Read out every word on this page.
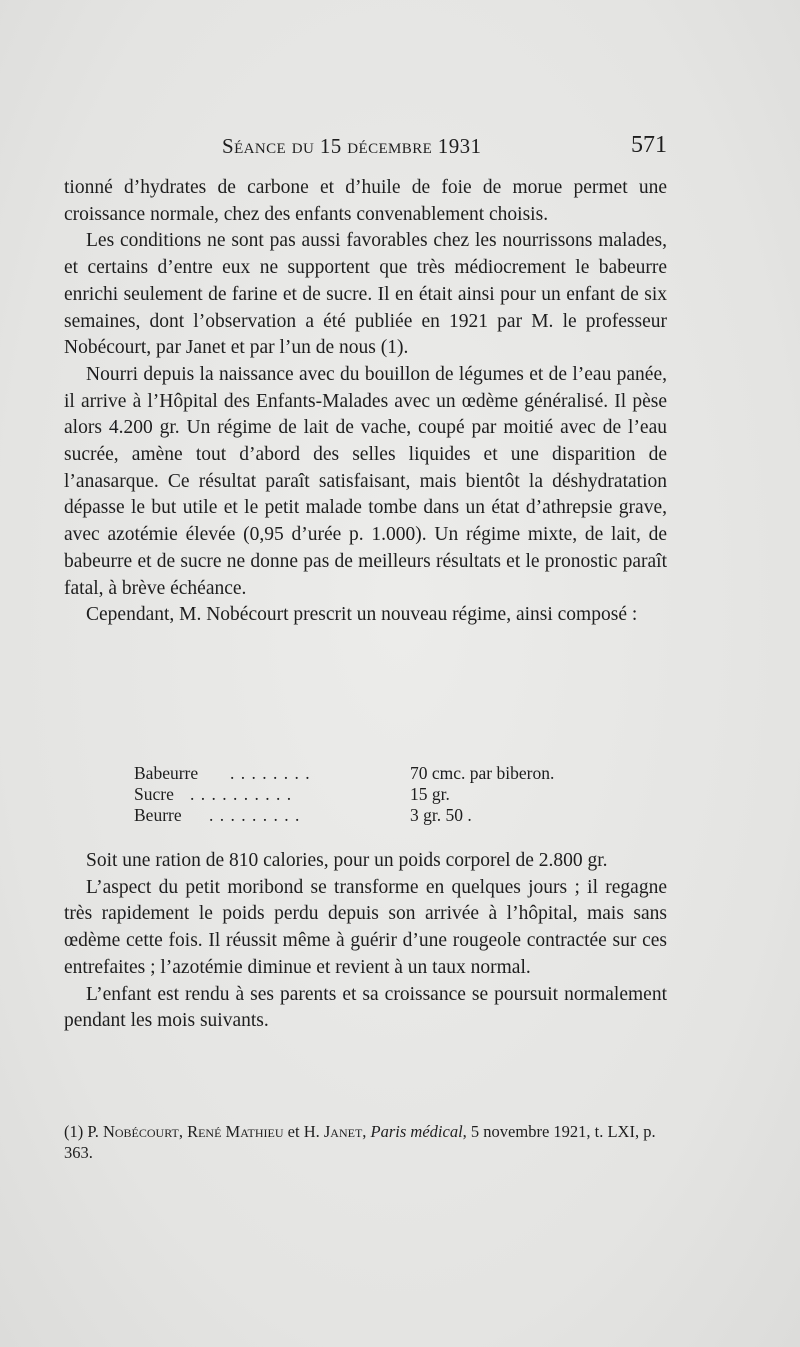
Séance du 15 décembre 1931	571

tionné d’hydrates de carbone et d’huile de foie de morue permet une croissance normale, chez des enfants convenablement choisis.

Les conditions ne sont pas aussi favorables chez les nourrissons malades, et certains d’entre eux ne supportent que très médiocrement le babeurre enrichi seulement de farine et de sucre. Il en était ainsi pour un enfant de six semaines, dont l’observation a été publiée en 1921 par M. le professeur Nobécourt, par Janet et par l’un de nous (1).

Nourri depuis la naissance avec du bouillon de légumes et de l’eau panée, il arrive à l’Hôpital des Enfants-Malades avec un œdème généralisé. Il pèse alors 4.200 gr. Un régime de lait de vache, coupé par moitié avec de l’eau sucrée, amène tout d’abord des selles liquides et une disparition de l’anasarque. Ce résultat paraît satisfaisant, mais bientôt la déshydratation dépasse le but utile et le petit malade tombe dans un état d’athrepsie grave, avec azotémie élevée (0,95 d’urée p. 1.000). Un régime mixte, de lait, de babeurre et de sucre ne donne pas de meilleurs résultats et le pronostic paraît fatal, à brève échéance.

Cependant, M. Nobécourt prescrit un nouveau régime, ainsi composé :

Babeurre . . . . . . . .	70 cmc. par biberon.
Sucre . . . . . . . . . .	15 gr.
Beurre . . . . . . . . .	3 gr. 50 .

Soit une ration de 810 calories, pour un poids corporel de 2.800 gr.

L’aspect du petit moribond se transforme en quelques jours ; il regagne très rapidement le poids perdu depuis son arrivée à l’hôpital, mais sans œdème cette fois. Il réussit même à guérir d’une rougeole contractée sur ces entrefaites ; l’azotémie diminue et revient à un taux normal.

L’enfant est rendu à ses parents et sa croissance se poursuit normalement pendant les mois suivants.

(1) P. Nobécourt, René Mathieu et H. Janet, Paris médical, 5 novembre 1921, t. LXI, p. 363.
